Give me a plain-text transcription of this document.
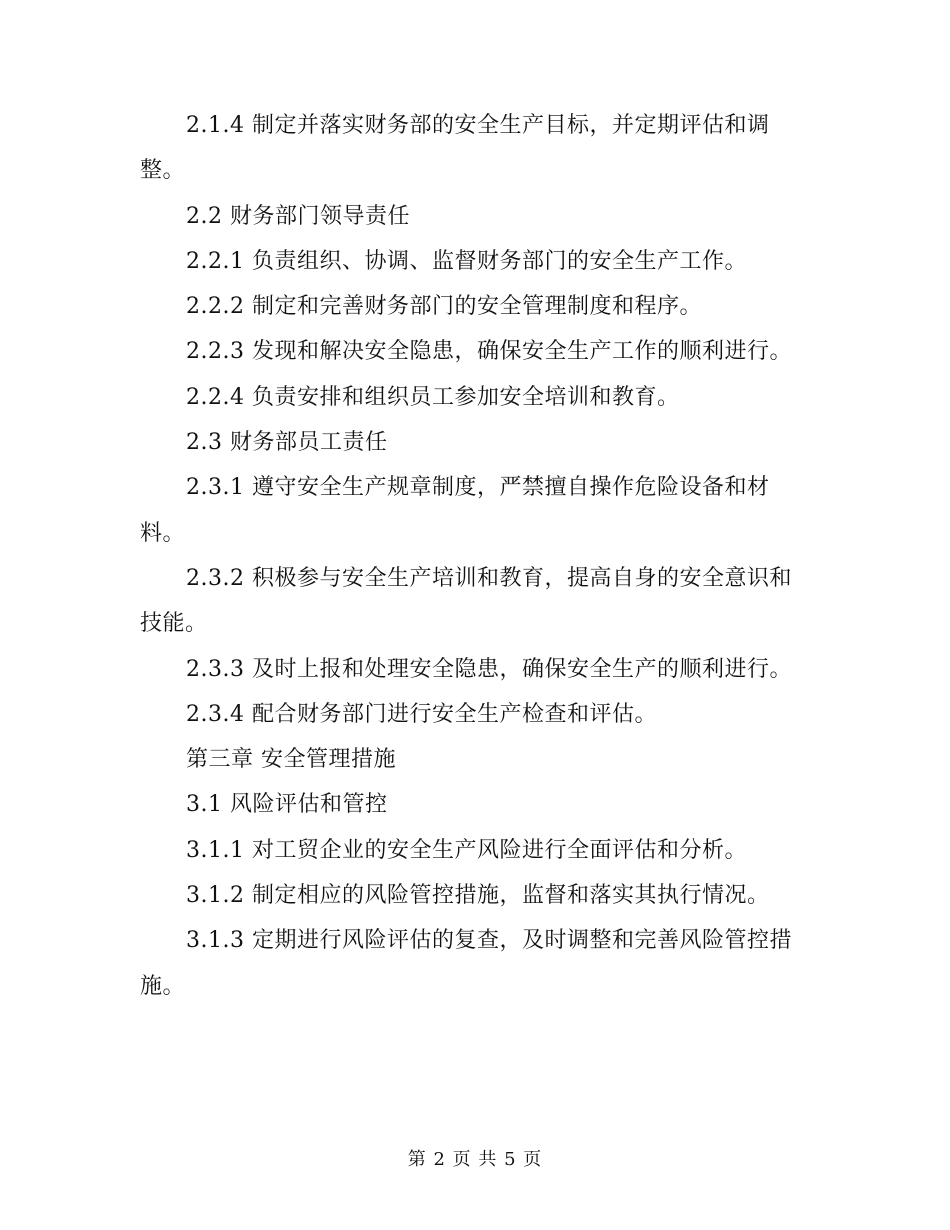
2.1.4 制定并落实财务部的安全生产目标，并定期评估和调整。

2.2 财务部门领导责任

2.2.1 负责组织、协调、监督财务部门的安全生产工作。

2.2.2 制定和完善财务部门的安全管理制度和程序。

2.2.3 发现和解决安全隐患，确保安全生产工作的顺利进行。

2.2.4 负责安排和组织员工参加安全培训和教育。

2.3 财务部员工责任

2.3.1 遵守安全生产规章制度，严禁擅自操作危险设备和材料。

2.3.2 积极参与安全生产培训和教育，提高自身的安全意识和技能。

2.3.3 及时上报和处理安全隐患，确保安全生产的顺利进行。

2.3.4 配合财务部门进行安全生产检查和评估。

第三章 安全管理措施

3.1 风险评估和管控

3.1.1 对工贸企业的安全生产风险进行全面评估和分析。

3.1.2 制定相应的风险管控措施，监督和落实其执行情况。

3.1.3 定期进行风险评估的复查，及时调整和完善风险管控措施。

第 2 页 共 5 页
